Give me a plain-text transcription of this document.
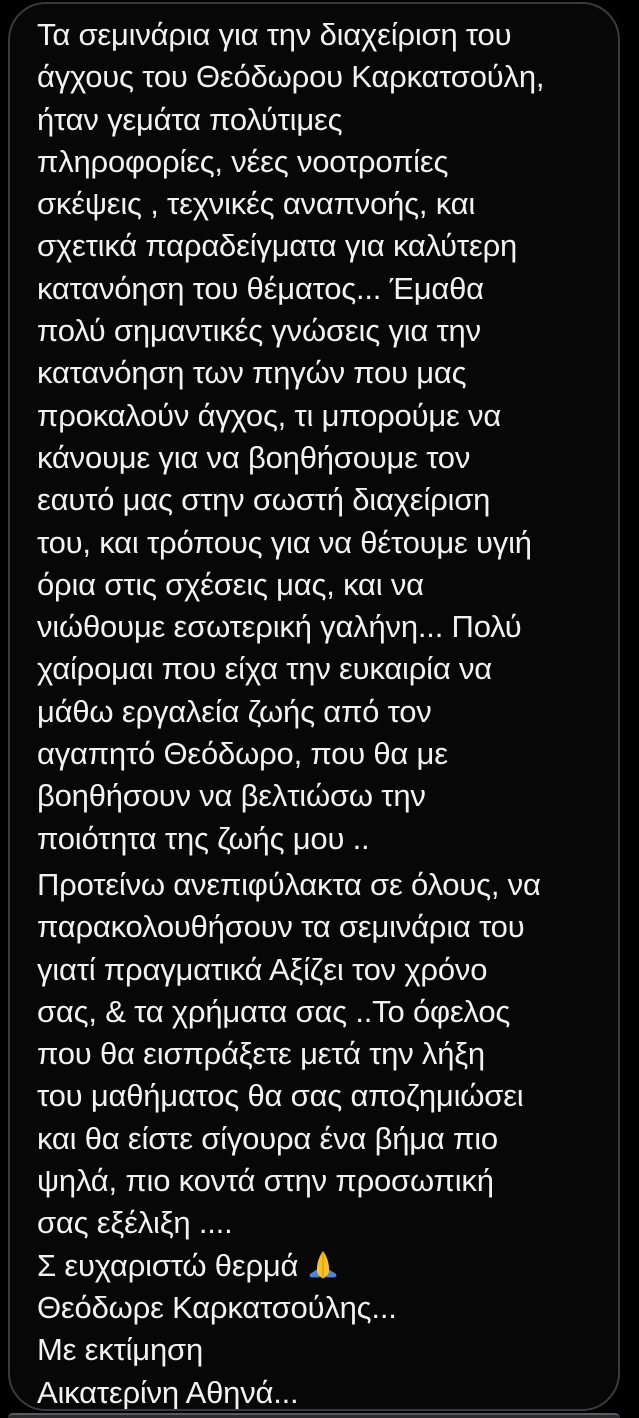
Τα σεμινάρια για την διαχείριση του
άγχους του Θεόδωρου Καρκατσούλη,
ήταν γεμάτα πολύτιμες
πληροφορίες, νέες νοοτροπίες
σκέψεις , τεχνικές αναπνοής, και
σχετικά παραδείγματα για καλύτερη
κατανόηση του θέματος... Έμαθα
πολύ σημαντικές γνώσεις για την
κατανόηση των πηγών που μας
προκαλούν άγχος, τι μπορούμε να
κάνουμε για να βοηθήσουμε τον
εαυτό μας στην σωστή διαχείριση
του, και τρόπους για να θέτουμε υγιή
όρια στις σχέσεις μας, και να
νιώθουμε εσωτερική γαλήνη... Πολύ
χαίρομαι που είχα την ευκαιρία να
μάθω εργαλεία ζωής από τον
αγαπητό Θεόδωρο, που θα με
βοηθήσουν να βελτιώσω την
ποιότητα της ζωής μου ..
Προτείνω ανεπιφύλακτα σε όλους, να
παρακολουθήσουν τα σεμινάρια του
γιατί πραγματικά Αξίζει τον χρόνο
σας, & τα χρήματα σας ..Το όφελος
που θα εισπράξετε μετά την λήξη
του μαθήματος θα σας αποζημιώσει
και θα είστε σίγουρα ένα βήμα πιο
ψηλά, πιο κοντά στην προσωπική
σας εξέλιξη ....
Σ ευχαριστώ θερμά
Θεόδωρε Καρκατσούλης...
Με εκτίμηση
Αικατερίνη Αθηνά...
